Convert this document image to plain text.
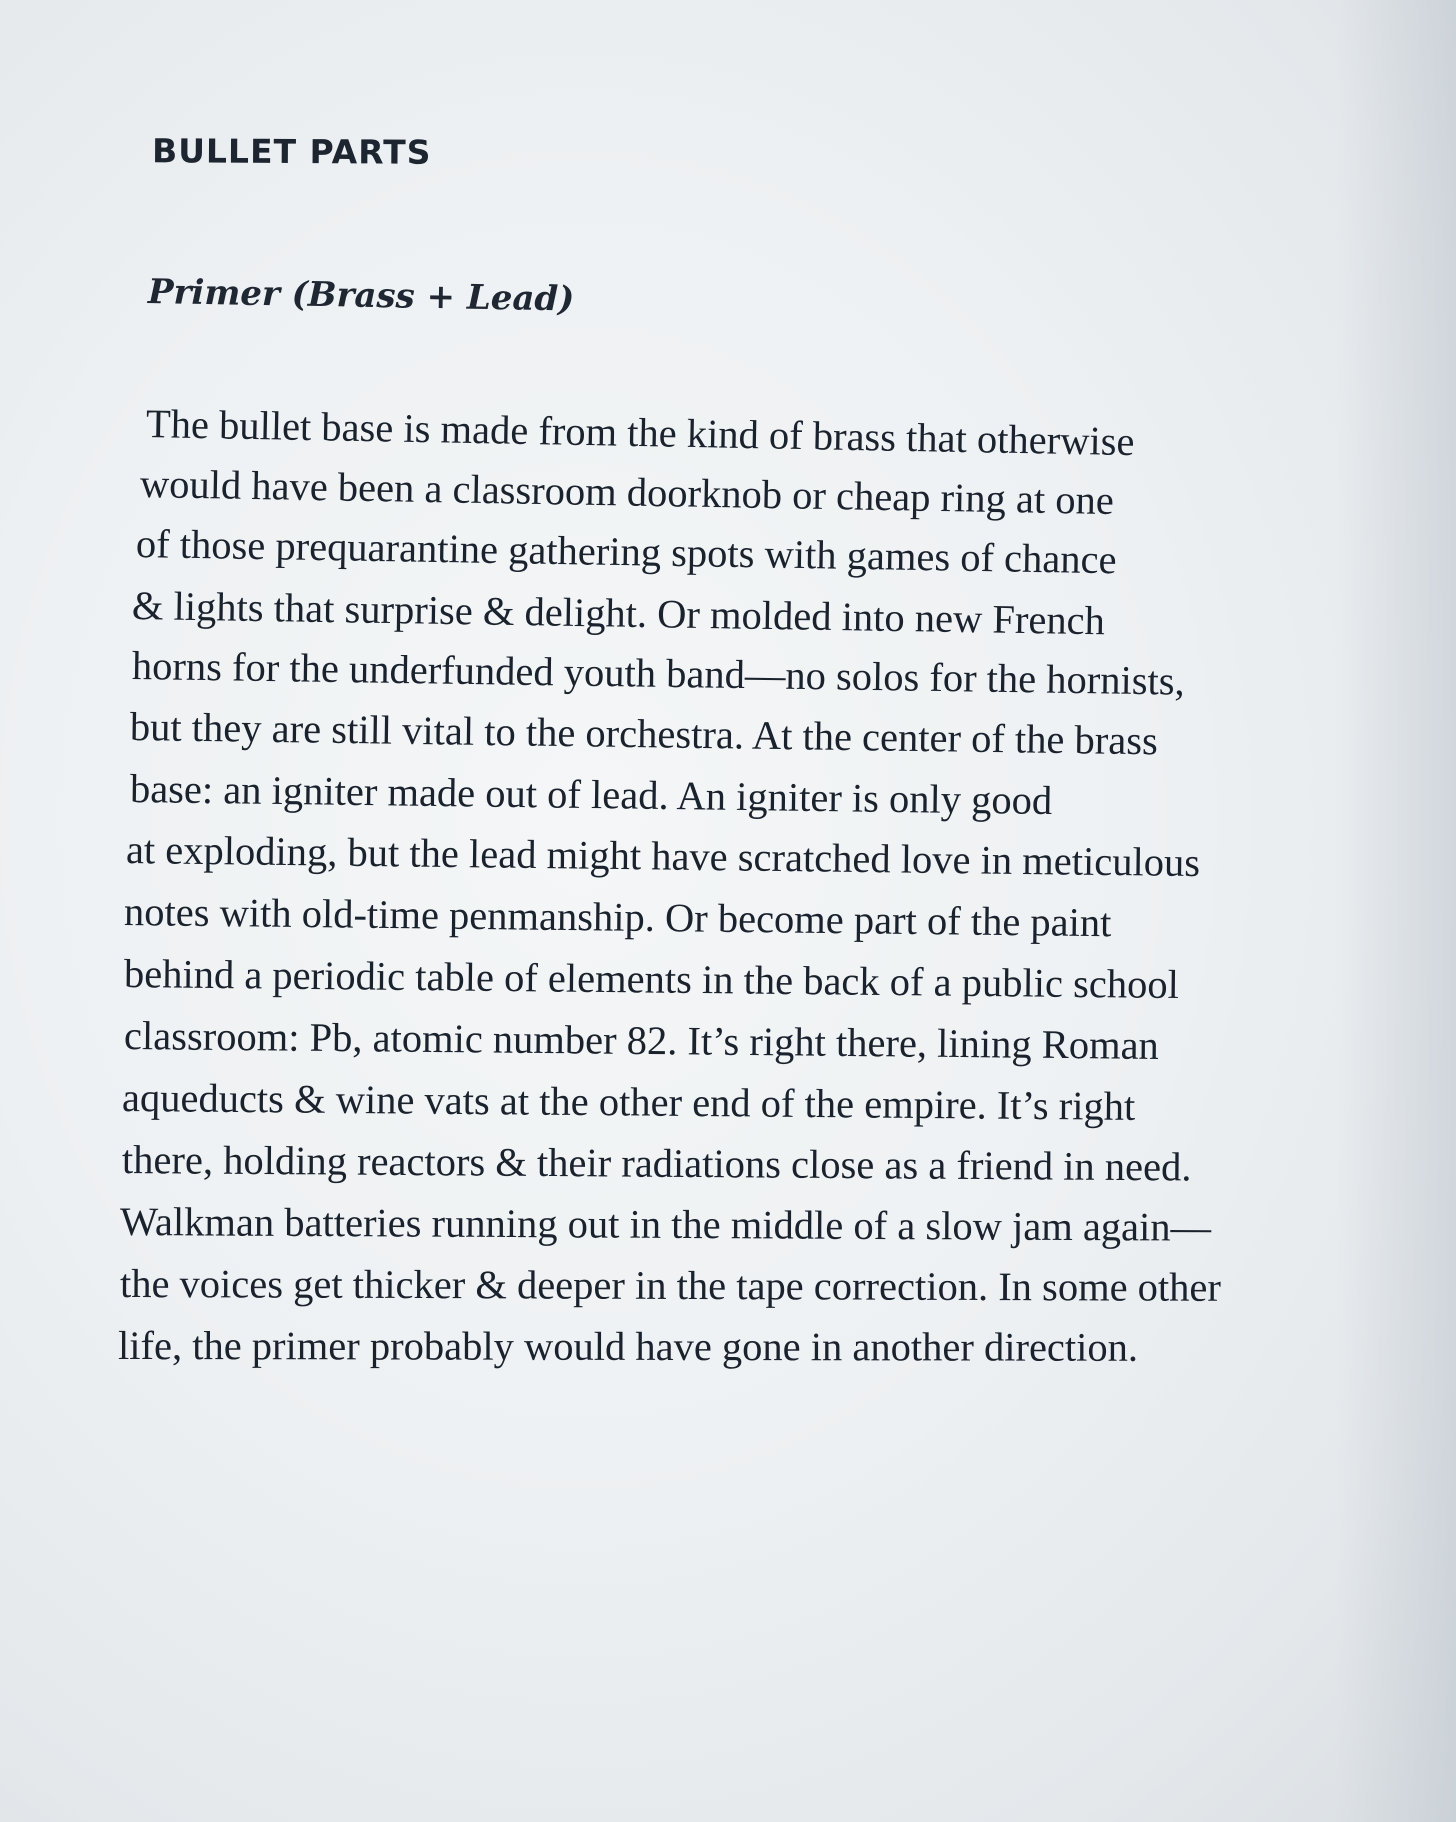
BULLET PARTS
Primer (Brass + Lead)
The bullet base is made from the kind of brass that otherwise
would have been a classroom doorknob or cheap ring at one
of those prequarantine gathering spots with games of chance
& lights that surprise & delight. Or molded into new French
horns for the underfunded youth band—no solos for the hornists,
but they are still vital to the orchestra. At the center of the brass
base: an igniter made out of lead. An igniter is only good
at exploding, but the lead might have scratched love in meticulous
notes with old-time penmanship. Or become part of the paint
behind a periodic table of elements in the back of a public school
classroom: Pb, atomic number 82. It’s right there, lining Roman
aqueducts & wine vats at the other end of the empire. It’s right
there, holding reactors & their radiations close as a friend in need.
Walkman batteries running out in the middle of a slow jam again—
the voices get thicker & deeper in the tape correction. In some other
life, the primer probably would have gone in another direction.
